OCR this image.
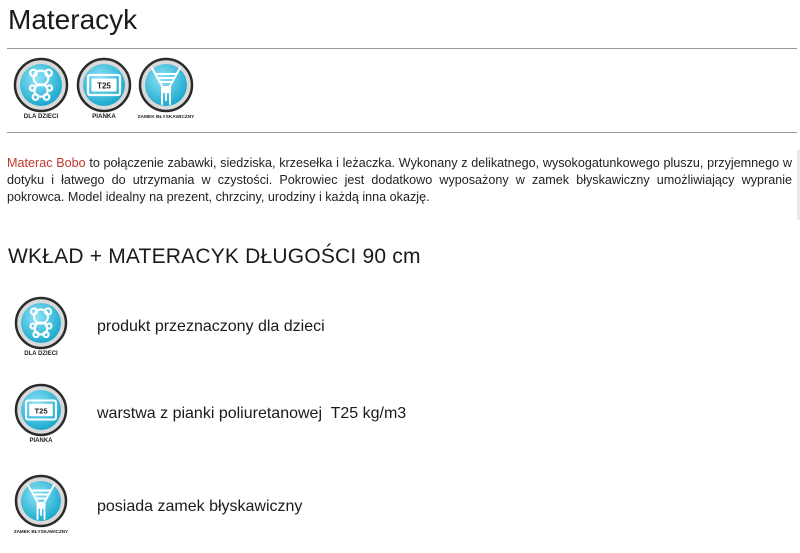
Materacyk
DLA DZIECI
T25
PIANKA	ZAMEK BŁYSKAWICZNY

Materac Bobo to połączenie zabawki, siedziska, krzesełka i leżaczka. Wykonany z delikatnego, wysokogatunkowego pluszu, przyjemnego w dotyku i łatwego do utrzymania w czystości. Pokrowiec jest dodatkowo wyposażony w zamek błyskawiczny umożliwiający wypranie pokrowca. Model idealny na prezent, chrzciny, urodziny i każdą inna okazję.

WKŁAD + MATERACYK DŁUGOŚCI 90 cm
DLA DZIECI

produkt przeznaczony dla dzieci

T25
PIANKA

warstwa z pianki poliuretanowej  T25 kg/m3

ZAMEK BŁYSKAWICZNY

posiada zamek błyskawiczny
